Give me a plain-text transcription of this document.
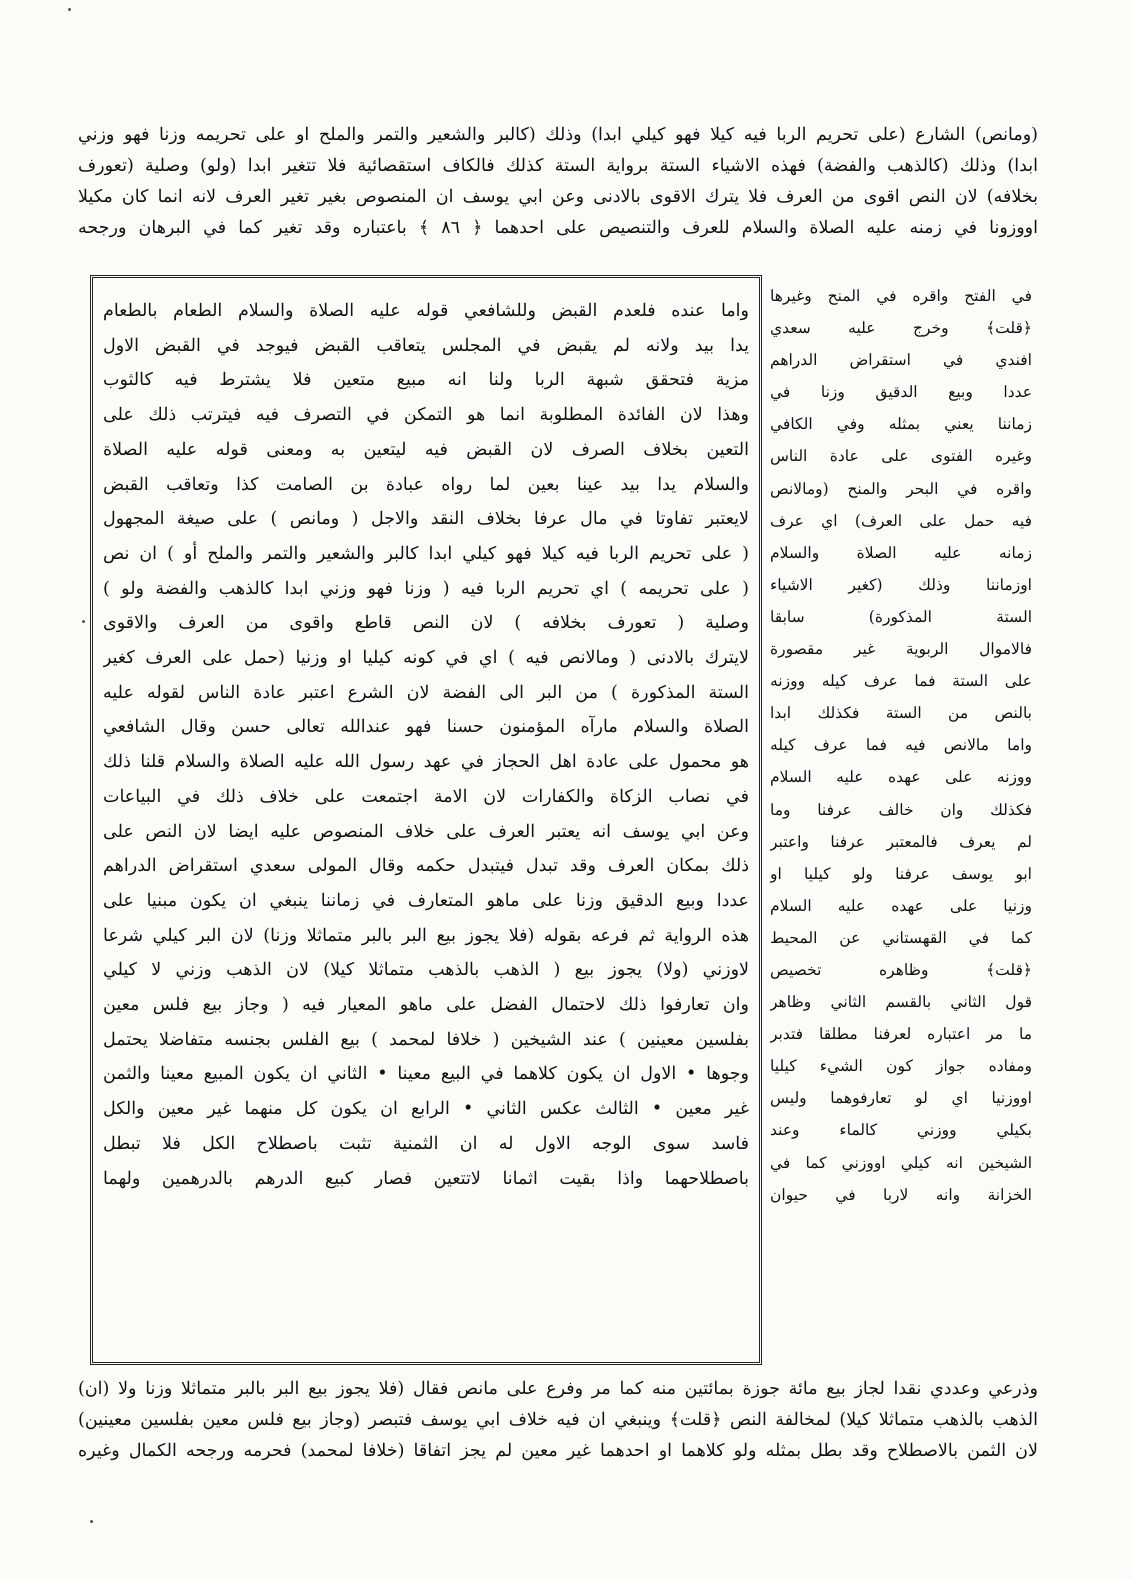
(ومانص) الشارع (على تحريم الربا فيه كيلا فهو كيلي ابدا) وذلك (كالبر والشعير والتمر والملح او على تحريمه وزنا فهو وزني
ابدا) وذلك (كالذهب والفضة) فهذه الاشياء الستة برواية الستة كذلك فالكاف استقصائية فلا تتغير ابدا (ولو) وصلية (تعورف
بخلافه) لان النص اقوى من العرف فلا يترك الاقوى بالادنى وعن ابي يوسف ان المنصوص بغير تغير العرف لانه انما كان مكيلا
اووزونا في زمنه عليه الصلاة والسلام للعرف والتنصيص على احدهما ﴿ ٨٦ ﴾ باعتباره وقد تغير كما في البرهان ورجحه
واما عنده فلعدم القبض وللشافعي قوله عليه الصلاة والسلام الطعام بالطعام
يدا بيد ولانه لم يقبض في المجلس يتعاقب القبض فيوجد في القبض الاول
مزية فتحقق شبهة الربا ولنا انه مبيع متعين فلا يشترط فيه كالثوب
وهذا لان الفائدة المطلوبة انما هو التمكن في التصرف فيه فيترتب ذلك على
التعين بخلاف الصرف لان القبض فيه ليتعين به ومعنى قوله عليه الصلاة
والسلام يدا بيد عينا بعين لما رواه عبادة بن الصامت كذا وتعاقب القبض
لايعتبر تفاوتا في مال عرفا بخلاف النقد والاجل ( ومانص ) على صيغة المجهول
( على تحريم الربا فيه كيلا فهو كيلي ابدا كالبر والشعير والتمر والملح أو ) ان نص
( على تحريمه ) اي تحريم الربا فيه ( وزنا فهو وزني ابدا كالذهب والفضة ولو )
وصلية ( تعورف بخلافه ) لان النص قاطع واقوى من العرف والاقوى
لايترك بالادنى ( ومالانص فيه ) اي في كونه كيليا او وزنيا (حمل على العرف كغير
الستة المذكورة ) من البر الى الفضة لان الشرع اعتبر عادة الناس لقوله عليه
الصلاة والسلام مارآه المؤمنون حسنا فهو عندالله تعالى حسن وقال الشافعي
هو محمول على عادة اهل الحجاز في عهد رسول الله عليه الصلاة والسلام قلنا ذلك
في نصاب الزكاة والكفارات لان الامة اجتمعت على خلاف ذلك في البياعات
وعن ابي يوسف انه يعتبر العرف على خلاف المنصوص عليه ايضا لان النص على
ذلك بمكان العرف وقد تبدل فيتبدل حكمه وقال المولى سعدي استقراض الدراهم
عددا وبيع الدقيق وزنا على ماهو المتعارف في زماننا ينبغي ان يكون مبنيا على
هذه الرواية ثم فرعه بقوله (فلا يجوز بيع البر بالبر متماثلا وزنا) لان البر كيلي شرعا
لاوزني (ولا) يجوز بيع ( الذهب بالذهب متماثلا كيلا) لان الذهب وزني لا كيلي
وان تعارفوا ذلك لاحتمال الفضل على ماهو المعيار فيه ( وجاز بيع فلس معين
بفلسين معينين ) عند الشيخين ( خلافا لمحمد ) بيع الفلس بجنسه متفاضلا يحتمل
وجوها • الاول ان يكون كلاهما في البيع معينا • الثاني ان يكون المبيع معينا والثمن
غير معين • الثالث عكس الثاني • الرابع ان يكون كل منهما غير معين والكل
فاسد سوى الوجه الاول له ان الثمنية تثبت باصطلاح الكل فلا تبطل
باصطلاحهما واذا بقيت اثمانا لاتتعين فصار كبيع الدرهم بالدرهمين ولهما
في الفتح واقره في المنح وغيرها
﴿قلت﴾ وخرج عليه سعدي
افندي في استقراض الدراهم
عددا وبيع الدقيق وزنا في
زماننا يعني بمثله وفي الكافي
وغيره الفتوى على عادة الناس
واقره في البحر والمنح (ومالانص
فيه حمل على العرف) اي عرف
زمانه عليه الصلاة والسلام
اوزماننا وذلك (كغير الاشياء
الستة المذكورة) سابقا
فالاموال الربوية غير مقصورة
على الستة فما عرف كيله ووزنه
بالنص من الستة فكذلك ابدا
واما مالانص فيه فما عرف كيله
ووزنه على عهده عليه السلام
فكذلك وان خالف عرفنا وما
لم يعرف فالمعتبر عرفنا واعتبر
ابو يوسف عرفنا ولو كيليا او
وزنيا على عهده عليه السلام
كما في القهستاني عن المحيط
﴿قلت﴾ وظاهره تخصيص
قول الثاني بالقسم الثاني وظاهر
ما مر اعتباره لعرفنا مطلقا فتدبر
ومفاده جواز كون الشيء كيليا
اووزنيا اي لو تعارفوهما وليس
بكيلي ووزني كالماء وعند
الشيخين انه كيلي اووزني كما في
الخزانة وانه لاربا في حيوان
وذرعي وعددي نقدا لجاز بيع مائة جوزة بمائتين منه كما مر وفرع على مانص فقال (فلا يجوز بيع البر بالبر متماثلا وزنا ولا (ان)
الذهب بالذهب متماثلا كيلا) لمخالفة النص ﴿قلت﴾ وينبغي ان فيه خلاف ابي يوسف فتبصر (وجاز بيع فلس معين بفلسين معينين)
لان الثمن بالاصطلاح وقد بطل بمثله ولو كلاهما او احدهما غير معين لم يجز اتفاقا (خلافا لمحمد) فحرمه ورجحه الكمال وغيره
